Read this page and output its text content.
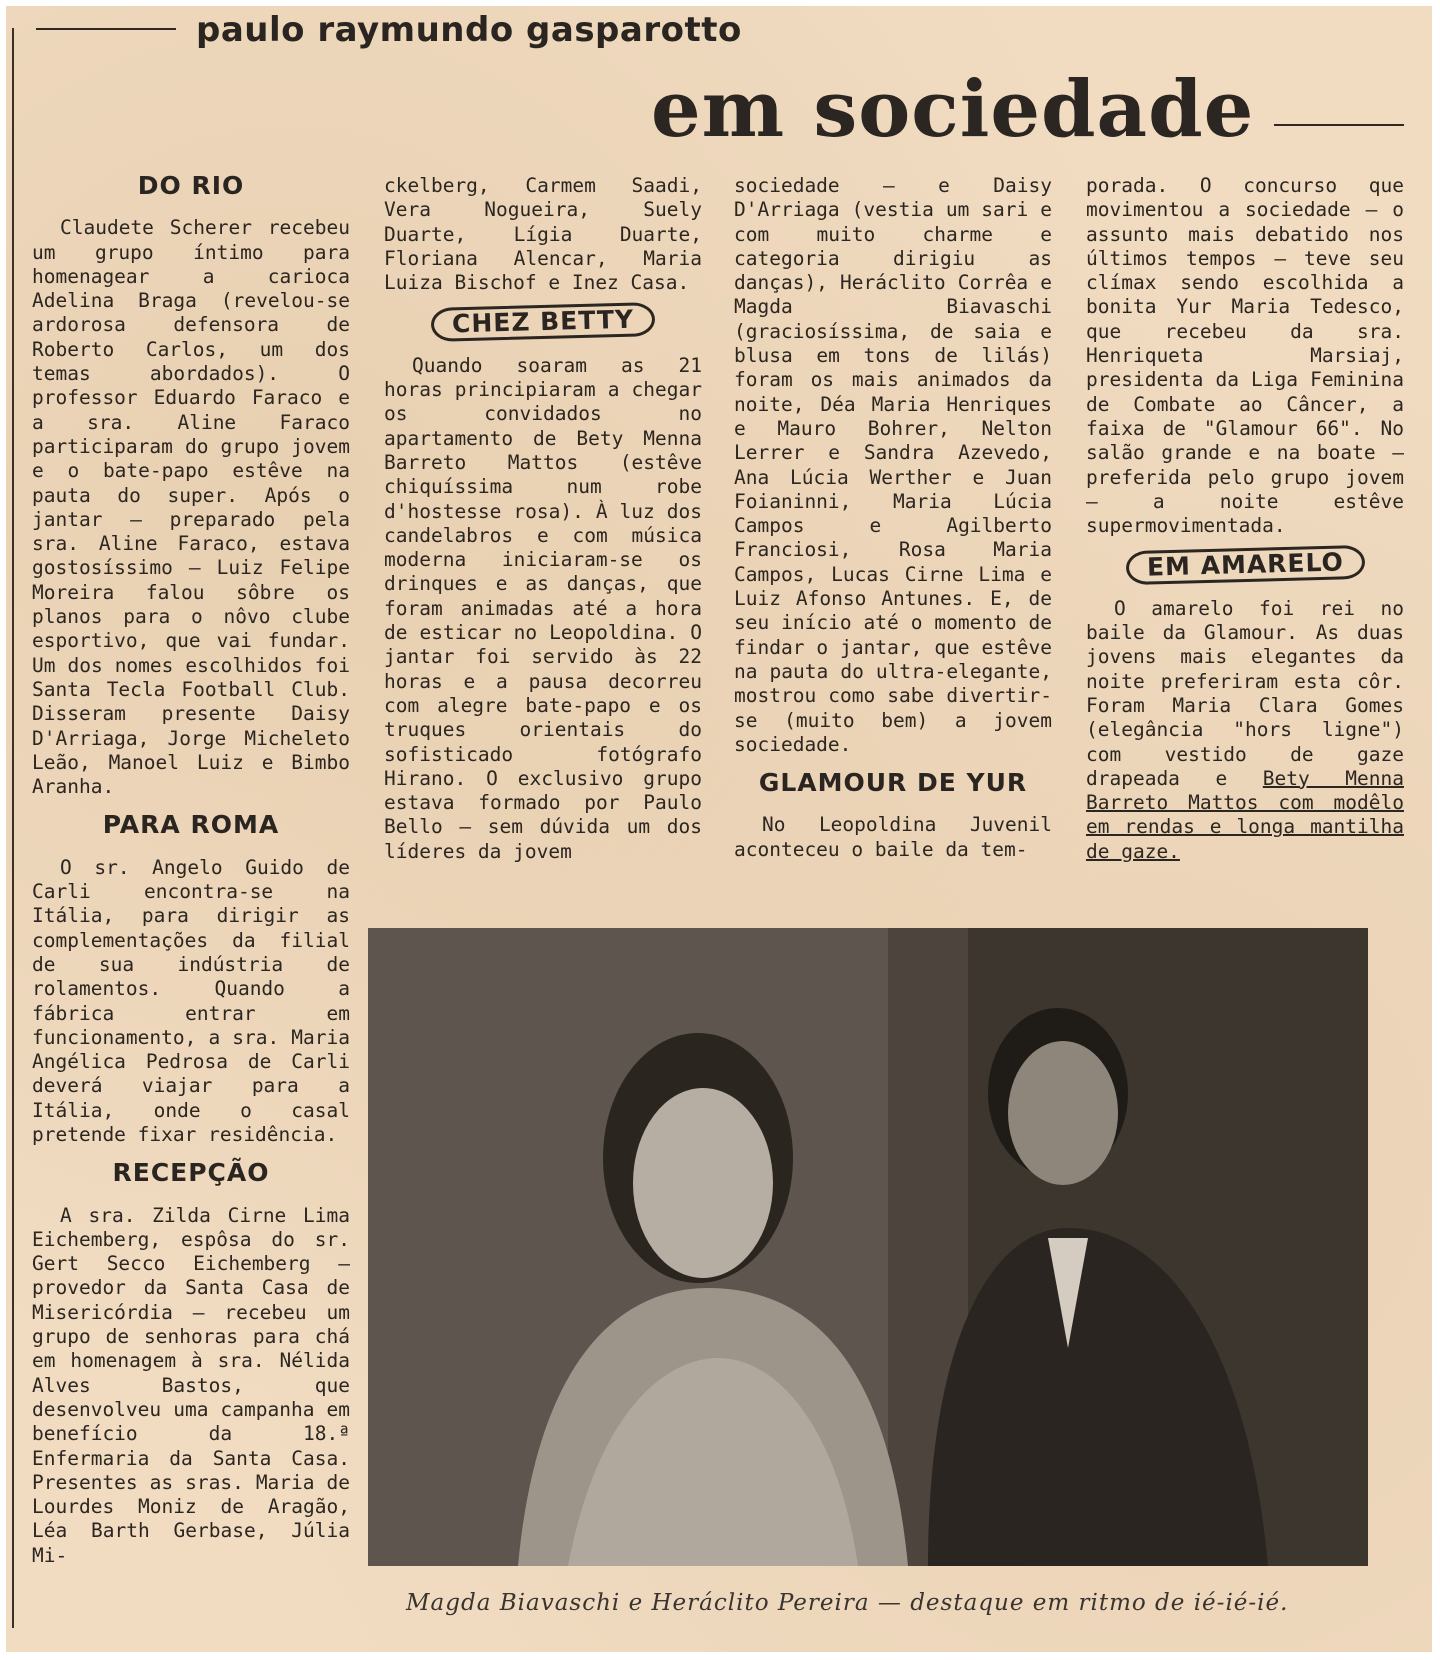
paulo raymundo gasparotto
em sociedade
DO RIO

Claudete Scherer recebeu um grupo íntimo para homenagear a carioca Adelina Braga (revelou-se ardorosa defensora de Roberto Carlos, um dos temas abordados). O professor Eduardo Faraco e a sra. Aline Faraco participaram do grupo jovem e o bate-papo estêve na pauta do super. Após o jantar — preparado pela sra. Aline Faraco, estava gostosíssimo — Luiz Felipe Moreira falou sôbre os planos para o nôvo clube esportivo, que vai fundar. Um dos nomes escolhidos foi Santa Tecla Football Club. Disseram presente Daisy D'Arriaga, Jorge Micheleto Leão, Manoel Luiz e Bimbo Aranha.

PARA ROMA

O sr. Angelo Guido de Carli encontra-se na Itália, para dirigir as complementações da filial de sua indústria de rolamentos. Quando a fábrica entrar em funcionamento, a sra. Maria Angélica Pedrosa de Carli deverá viajar para a Itália, onde o casal pretende fixar residência.

RECEPÇÃO

A sra. Zilda Cirne Lima Eichemberg, espôsa do sr. Gert Secco Eichemberg — provedor da Santa Casa de Misericórdia — recebeu um grupo de senhoras para chá em homenagem à sra. Nélida Alves Bastos, que desenvolveu uma campanha em benefício da 18.ª Enfermaria da Santa Casa. Presentes as sras. Maria de Lourdes Moniz de Aragão, Léa Barth Gerbase, Júlia Mi-

ckelberg, Carmem Saadi, Vera Nogueira, Suely Duarte, Lígia Duarte, Floriana Alencar, Maria Luiza Bischof e Inez Casa.

CHEZ BETTY

Quando soaram as 21 horas principiaram a chegar os convidados no apartamento de Bety Menna Barreto Mattos (estêve chiquíssima num robe d'hostesse rosa). À luz dos candelabros e com música moderna iniciaram-se os drinques e as danças, que foram animadas até a hora de esticar no Leopoldina. O jantar foi servido às 22 horas e a pausa decorreu com alegre bate-papo e os truques orientais do sofisticado fotógrafo Hirano. O exclusivo grupo estava formado por Paulo Bello — sem dúvida um dos líderes da jovem

sociedade — e Daisy D'Arriaga (vestia um sari e com muito charme e categoria dirigiu as danças), Heráclito Corrêa e Magda Biavaschi (graciosíssima, de saia e blusa em tons de lilás) foram os mais animados da noite, Déa Maria Henriques e Mauro Bohrer, Nelton Lerrer e Sandra Azevedo, Ana Lúcia Werther e Juan Foianinni, Maria Lúcia Campos e Agilberto Franciosi, Rosa Maria Campos, Lucas Cirne Lima e Luiz Afonso Antunes. E, de seu início até o momento de findar o jantar, que estêve na pauta do ultra-elegante, mostrou como sabe divertir-se (muito bem) a jovem sociedade.

GLAMOUR DE YUR

No Leopoldina Juvenil aconteceu o baile da tem-

porada. O concurso que movimentou a sociedade — o assunto mais debatido nos últimos tempos — teve seu clímax sendo escolhida a bonita Yur Maria Tedesco, que recebeu da sra. Henriqueta Marsiaj, presidenta da Liga Feminina de Combate ao Câncer, a faixa de "Glamour 66". No salão grande e na boate — preferida pelo grupo jovem — a noite estêve supermovimentada.

EM AMARELO

O amarelo foi rei no baile da Glamour. As duas jovens mais elegantes da noite preferiram esta côr. Foram Maria Clara Gomes (elegância "hors ligne") com vestido de gaze drapeada e Bety Menna Barreto Mattos com modêlo em rendas e longa mantilha de gaze.

Magda Biavaschi e Heráclito Pereira — destaque em ritmo de ié-ié-ié.
